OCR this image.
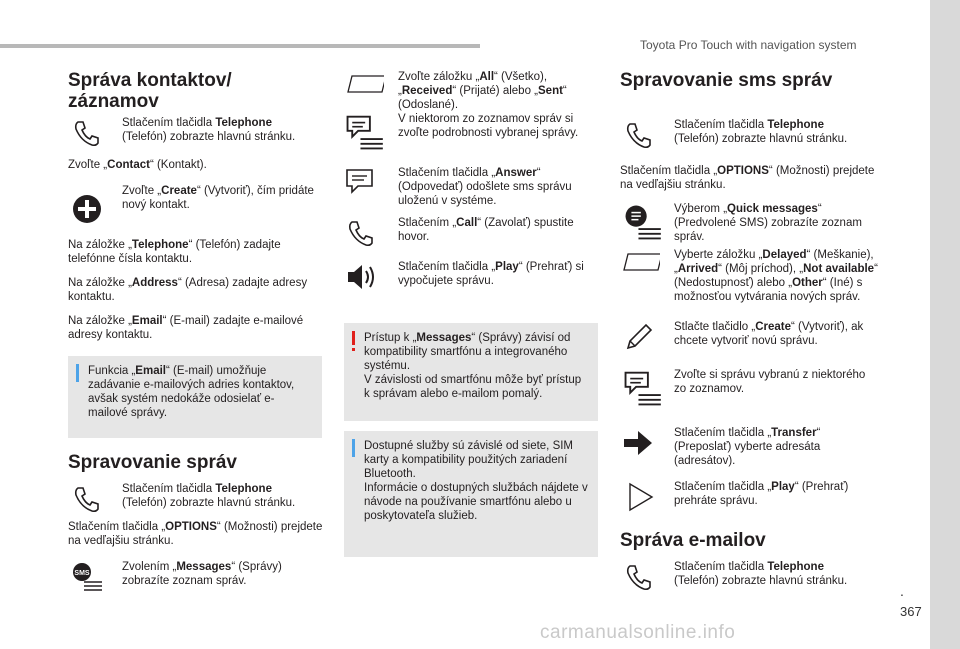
Toyota Pro Touch with navigation system
.
367
carmanualsonline.info
Správa kontaktov/
záznamov
Stlačením tlačidla Telephone
(Telefón) zobrazte hlavnú stránku.
Zvoľte „Contact“ (Kontakt).
Zvoľte „Create“ (Vytvoriť), čím pridáte nový kontakt.
Na záložke „Telephone“ (Telefón) zadajte telefónne čísla kontaktu.
Na záložke „Address“ (Adresa) zadajte adresy kontaktu.
Na záložke „Email“ (E-mail) zadajte e-mailové adresy kontaktu.
Funkcia „Email“ (E-mail) umožňuje zadávanie e-mailových adries kontaktov, avšak systém nedokáže odosielať e-mailové správy.
Spravovanie správ
Stlačením tlačidla Telephone
(Telefón) zobrazte hlavnú stránku.
Stlačením tlačidla „OPTIONS“ (Možnosti) prejdete na vedľajšiu stránku.
SMS
Zvolením „Messages“ (Správy) zobrazíte zoznam správ.
Zvoľte záložku „All“ (Všetko), „Received“ (Prijaté) alebo „Sent“ (Odoslané).
V niektorom zo zoznamov správ si zvoľte podrobnosti vybranej správy.
Stlačením tlačidla „Answer“ (Odpovedať) odošlete sms správu uloženú v systéme.
Stlačením „Call“ (Zavolať) spustite hovor.
Stlačením tlačidla „Play“ (Prehrať) si vypočujete správu.
Prístup k „Messages“ (Správy) závisí od kompatibility smartfónu a integrovaného systému.
V závislosti od smartfónu môže byť prístup k správam alebo e-mailom pomalý.
Dostupné služby sú závislé od siete, SIM karty a kompatibility použitých zariadení Bluetooth.
Informácie o dostupných službách nájdete v návode na používanie smartfónu alebo u poskytovateľa služieb.
Spravovanie sms správ
Stlačením tlačidla Telephone
(Telefón) zobrazte hlavnú stránku.
Stlačením tlačidla „OPTIONS“ (Možnosti) prejdete na vedľajšiu stránku.
Výberom „Quick messages“ (Predvolené SMS) zobrazíte zoznam správ.
Vyberte záložku „Delayed“ (Meškanie), „Arrived“ (Môj príchod), „Not available“ (Nedostupnosť) alebo „Other“ (Iné) s možnosťou vytvárania nových správ.
Stlačte tlačidlo „Create“ (Vytvoriť), ak chcete vytvoriť novú správu.
Zvoľte si správu vybranú z niektorého zo zoznamov.
Stlačením tlačidla „Transfer“ (Preposlať) vyberte adresáta (adresátov).
Stlačením tlačidla „Play“ (Prehrať) prehráte správu.
Správa e-mailov
Stlačením tlačidla Telephone
(Telefón) zobrazte hlavnú stránku.
